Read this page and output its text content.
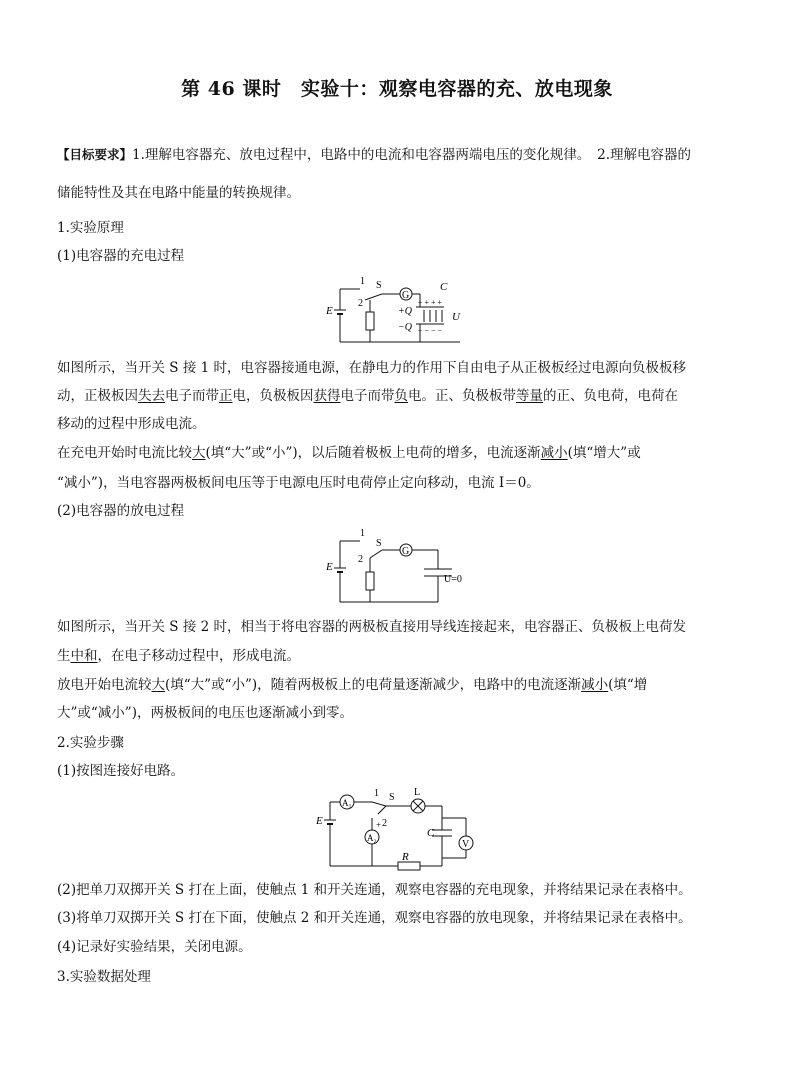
第 46 课时　实验十：观察电容器的充、放电现象
【目标要求】1.理解电容器充、放电过程中，电路中的电流和电容器两端电压的变化规律。　2.理解电容器的
储能特性及其在电路中能量的转换规律。
1.实验原理
(1)电容器的充电过程
E
1
2
S
G
C
+ + + +
− − − −
+Q
−Q
U
如图所示，当开关 S 接 1 时，电容器接通电源，在静电力的作用下自由电子从正极板经过电源向负极板移
动，正极板因失去电子而带正电，负极板因获得电子而带负电。正、负极板带等量的正、负电荷，电荷在
移动的过程中形成电流。
在充电开始时电流比较大(填“大”或“小”)，以后随着极板上电荷的增多，电流逐渐减小(填“增大”或
“减小”)，当电容器两极板间电压等于电源电压时电荷停止定向移动，电流 I＝0。
(2)电容器的放电过程
E
1
2
S
G
U=0
如图所示，当开关 S 接 2 时，相当于将电容器的两极板直接用导线连接起来，电容器正、负极板上电荷发
生中和，在电子移动过程中，形成电流。
放电开始电流较大(填“大”或“小”)，随着两极板上的电荷量逐渐减少，电路中的电流逐渐减小(填“增
大”或“减小”)，两极板间的电压也逐渐减小到零。
2.实验步骤
(1)按图连接好电路。
A₁
E
1
2
S L
C
V
R
A₂
+
(2)把单刀双掷开关 S 打在上面，使触点 1 和开关连通，观察电容器的充电现象，并将结果记录在表格中。
(3)将单刀双掷开关 S 打在下面，使触点 2 和开关连通，观察电容器的放电现象，并将结果记录在表格中。
(4)记录好实验结果，关闭电源。
3.实验数据处理
